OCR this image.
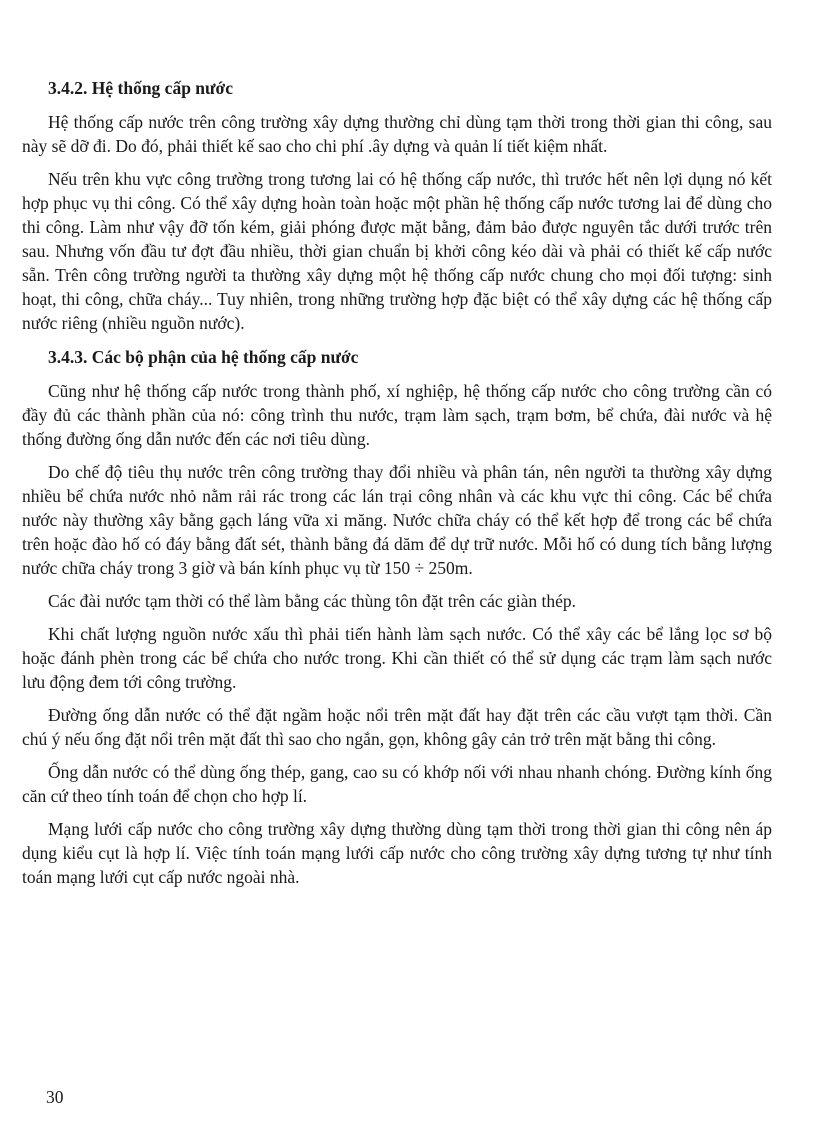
3.4.2. Hệ thống cấp nước

Hệ thống cấp nước trên công trường xây dựng thường chỉ dùng tạm thời trong thời gian thi công, sau này sẽ dỡ đi. Do đó, phải thiết kế sao cho chi phí .ây dựng và quản lí tiết kiệm nhất.

Nếu trên khu vực công trường trong tương lai có hệ thống cấp nước, thì trước hết nên lợi dụng nó kết hợp phục vụ thi công. Có thể xây dựng hoàn toàn hoặc một phần hệ thống cấp nước tương lai để dùng cho thi công. Làm như vậy đỡ tốn kém, giải phóng được mặt bằng, đảm bảo được nguyên tắc dưới trước trên sau. Nhưng vốn đầu tư đợt đầu nhiều, thời gian chuẩn bị khởi công kéo dài và phải có thiết kế cấp nước sẵn. Trên công trường người ta thường xây dựng một hệ thống cấp nước chung cho mọi đối tượng: sinh hoạt, thi công, chữa cháy... Tuy nhiên, trong những trường hợp đặc biệt có thể xây dựng các hệ thống cấp nước riêng (nhiều nguồn nước).

3.4.3. Các bộ phận của hệ thống cấp nước

Cũng như hệ thống cấp nước trong thành phố, xí nghiệp, hệ thống cấp nước cho công trường cần có đầy đủ các thành phần của nó: công trình thu nước, trạm làm sạch, trạm bơm, bể chứa, đài nước và hệ thống đường ống dẫn nước đến các nơi tiêu dùng.

Do chế độ tiêu thụ nước trên công trường thay đổi nhiều và phân tán, nên người ta thường xây dựng nhiều bể chứa nước nhỏ nằm rải rác trong các lán trại công nhân và các khu vực thi công. Các bể chứa nước này thường xây bằng gạch láng vữa xi măng. Nước chữa cháy có thể kết hợp để trong các bể chứa trên hoặc đào hố có đáy bằng đất sét, thành bằng đá dăm để dự trữ nước. Mỗi hố có dung tích bằng lượng nước chữa cháy trong 3 giờ và bán kính phục vụ từ 150 ÷ 250m.

Các đài nước tạm thời có thể làm bằng các thùng tôn đặt trên các giàn thép.

Khi chất lượng nguồn nước xấu thì phải tiến hành làm sạch nước. Có thể xây các bể lắng lọc sơ bộ hoặc đánh phèn trong các bể chứa cho nước trong. Khi cần thiết có thể sử dụng các trạm làm sạch nước lưu động đem tới công trường.

Đường ống dẫn nước có thể đặt ngầm hoặc nổi trên mặt đất hay đặt trên các cầu vượt tạm thời. Cần chú ý nếu ống đặt nổi trên mặt đất thì sao cho ngắn, gọn, không gây cản trở trên mặt bằng thi công.

Ống dẫn nước có thể dùng ống thép, gang, cao su có khớp nối với nhau nhanh chóng. Đường kính ống căn cứ theo tính toán để chọn cho hợp lí.

Mạng lưới cấp nước cho công trường xây dựng thường dùng tạm thời trong thời gian thi công nên áp dụng kiểu cụt là hợp lí. Việc tính toán mạng lưới cấp nước cho công trường xây dựng tương tự như tính toán mạng lưới cụt cấp nước ngoài nhà.

30
